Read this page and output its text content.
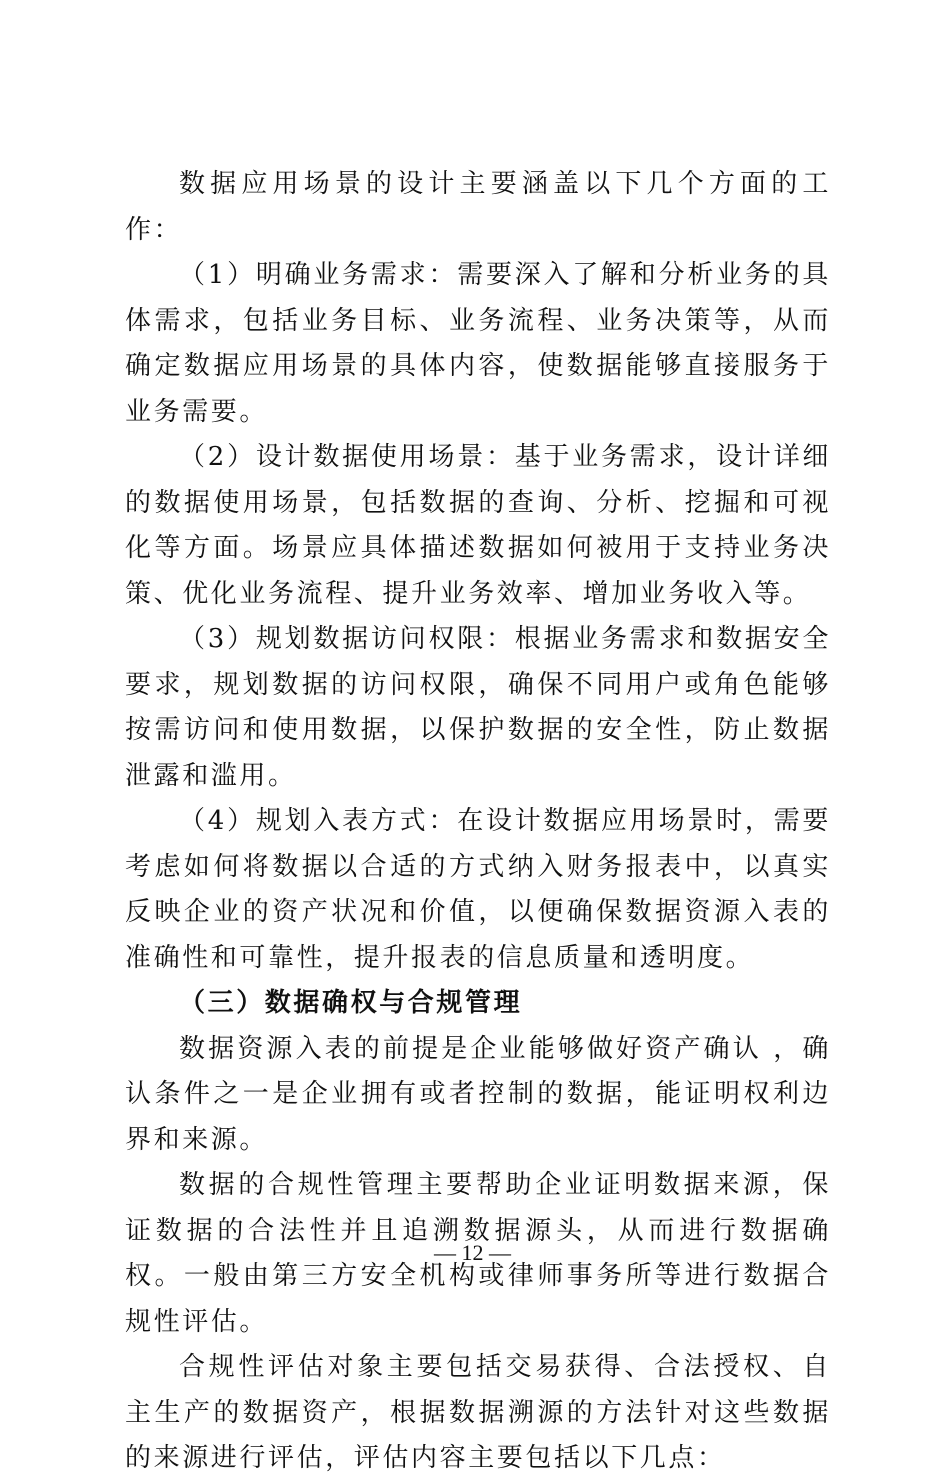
数据应用场景的设计主要涵盖以下几个方面的工作：

（1）明确业务需求：需要深入了解和分析业务的具体需求，包括业务目标、业务流程、业务决策等，从而确定数据应用场景的具体内容，使数据能够直接服务于业务需要。

（2）设计数据使用场景：基于业务需求，设计详细的数据使用场景，包括数据的查询、分析、挖掘和可视化等方面。场景应具体描述数据如何被用于支持业务决策、优化业务流程、提升业务效率、增加业务收入等。

（3）规划数据访问权限：根据业务需求和数据安全要求，规划数据的访问权限，确保不同用户或角色能够按需访问和使用数据，以保护数据的安全性，防止数据泄露和滥用。

（4）规划入表方式：在设计数据应用场景时，需要考虑如何将数据以合适的方式纳入财务报表中，以真实反映企业的资产状况和价值，以便确保数据资源入表的准确性和可靠性，提升报表的信息质量和透明度。

（三）数据确权与合规管理

数据资源入表的前提是企业能够做好资产确认 ，确认条件之一是企业拥有或者控制的数据，能证明权利边界和来源。

数据的合规性管理主要帮助企业证明数据来源，保证数据的合法性并且追溯数据源头，从而进行数据确权。一般由第三方安全机构或律师事务所等进行数据合规性评估。

合规性评估对象主要包括交易获得、合法授权、自主生产的数据资产，根据数据溯源的方法针对这些数据的来源进行评估，评估内容主要包括以下几点：

— 12 —
